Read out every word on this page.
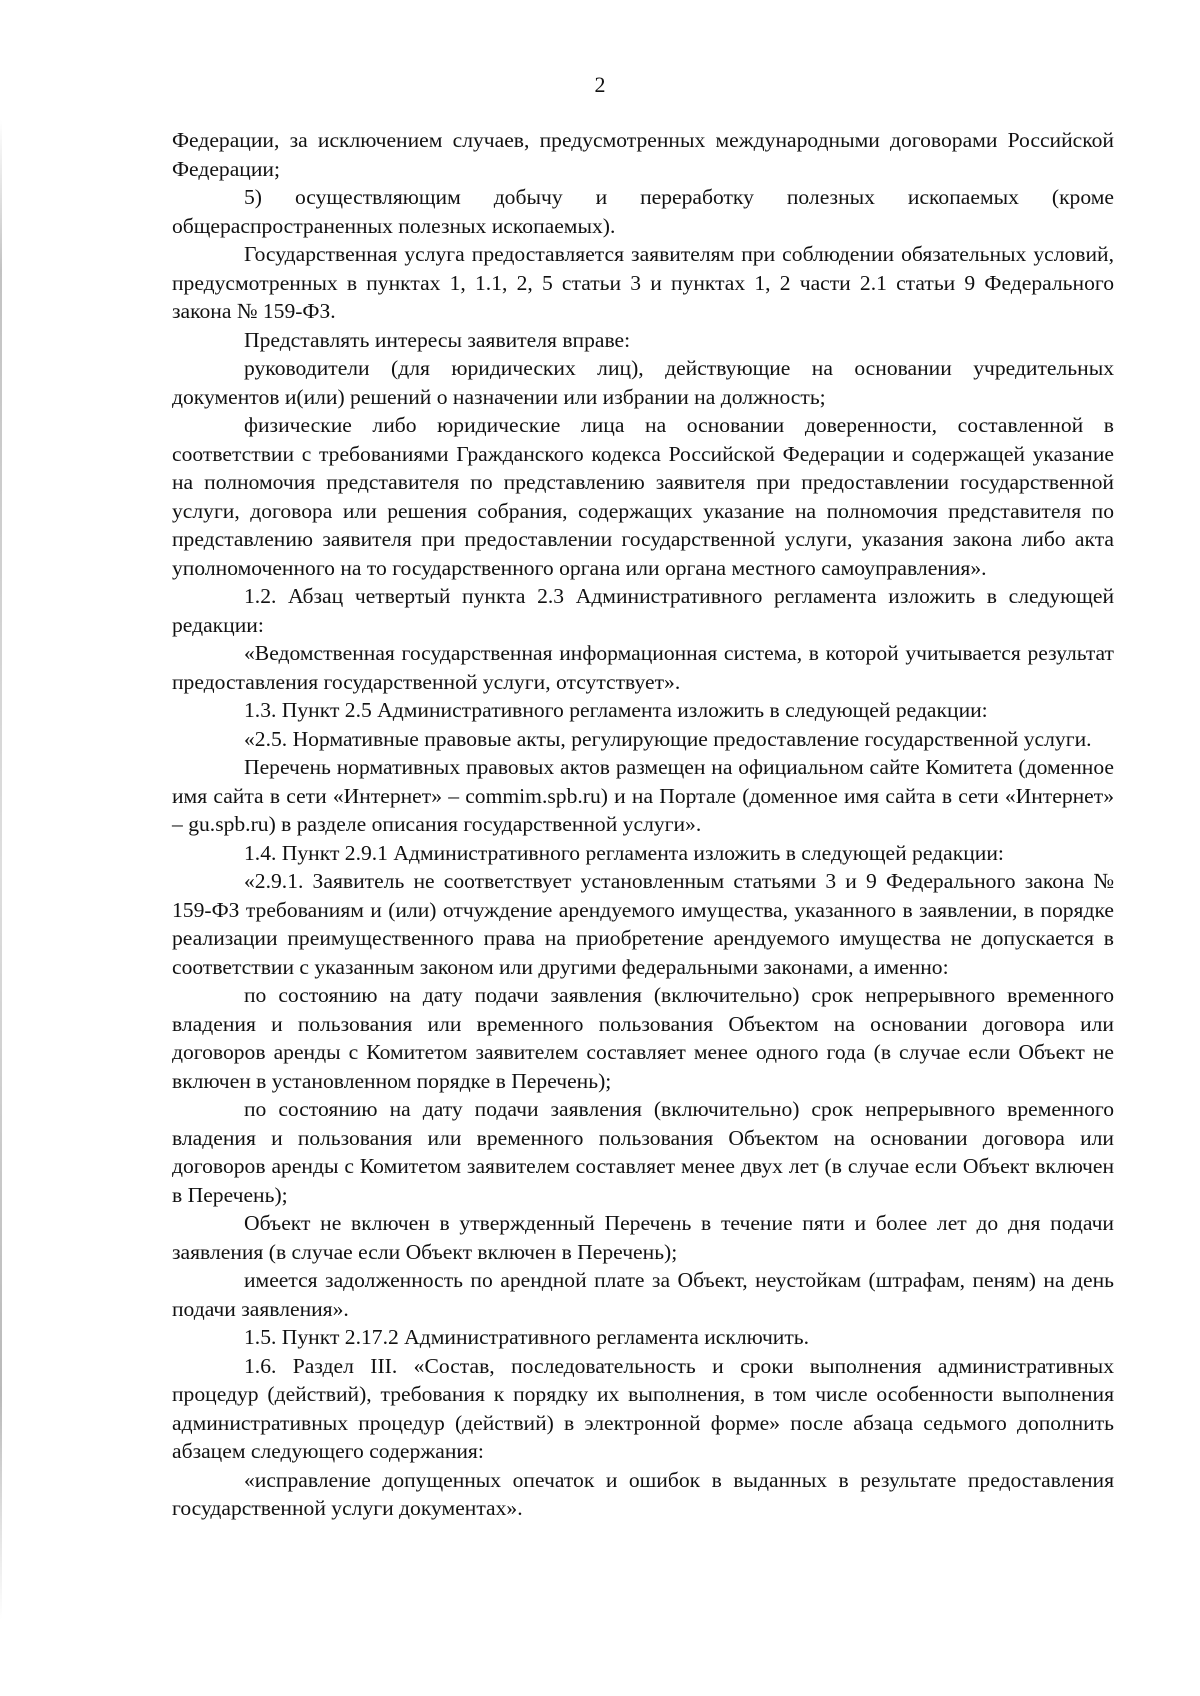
2

Федерации, за исключением случаев, предусмотренных международными договорами Российской Федерации;

5) осуществляющим добычу и переработку полезных ископаемых (кроме общераспространенных полезных ископаемых).

Государственная услуга предоставляется заявителям при соблюдении обязательных условий, предусмотренных в пунктах 1, 1.1, 2, 5 статьи 3 и пунктах 1, 2 части 2.1 статьи 9 Федерального закона № 159-ФЗ.

Представлять интересы заявителя вправе:

руководители (для юридических лиц), действующие на основании учредительных документов и(или) решений о назначении или избрании на должность;

физические либо юридические лица на основании доверенности, составленной в соответствии с требованиями Гражданского кодекса Российской Федерации и содержащей указание на полномочия представителя по представлению заявителя при предоставлении государственной услуги, договора или решения собрания, содержащих указание на полномочия представителя по представлению заявителя при предоставлении государственной услуги, указания закона либо акта уполномоченного на то государственного органа или органа местного самоуправления».

1.2. Абзац четвертый пункта 2.3 Административного регламента изложить в следующей редакции:

«Ведомственная государственная информационная система, в которой учитывается результат предоставления государственной услуги, отсутствует».

1.3. Пункт 2.5 Административного регламента изложить в следующей редакции:

«2.5. Нормативные правовые акты, регулирующие предоставление государственной услуги.

Перечень нормативных правовых актов размещен на официальном сайте Комитета (доменное имя сайта в сети «Интернет» – commim.spb.ru) и на Портале (доменное имя сайта в сети «Интернет» – gu.spb.ru) в разделе описания государственной услуги».

1.4. Пункт 2.9.1 Административного регламента изложить в следующей редакции:

«2.9.1. Заявитель не соответствует установленным статьями 3 и 9 Федерального закона № 159-ФЗ требованиям и (или) отчуждение арендуемого имущества, указанного в заявлении, в порядке реализации преимущественного права на приобретение арендуемого имущества не допускается в соответствии с указанным законом или другими федеральными законами, а именно:

по состоянию на дату подачи заявления (включительно) срок непрерывного временного владения и пользования или временного пользования Объектом на основании договора или договоров аренды с Комитетом заявителем составляет менее одного года (в случае если Объект не включен в установленном порядке в Перечень);

по состоянию на дату подачи заявления (включительно) срок непрерывного временного владения и пользования или временного пользования Объектом на основании договора или договоров аренды с Комитетом заявителем составляет менее двух лет (в случае если Объект включен в Перечень);

Объект не включен в утвержденный Перечень в течение пяти и более лет до дня подачи заявления (в случае если Объект включен в Перечень);

имеется задолженность по арендной плате за Объект, неустойкам (штрафам, пеням) на день подачи заявления».

1.5. Пункт 2.17.2 Административного регламента исключить.

1.6. Раздел III. «Состав, последовательность и сроки выполнения административных процедур (действий), требования к порядку их выполнения, в том числе особенности выполнения административных процедур (действий) в электронной форме» после абзаца седьмого дополнить абзацем следующего содержания:

«исправление допущенных опечаток и ошибок в выданных в результате предоставления государственной услуги документах».
